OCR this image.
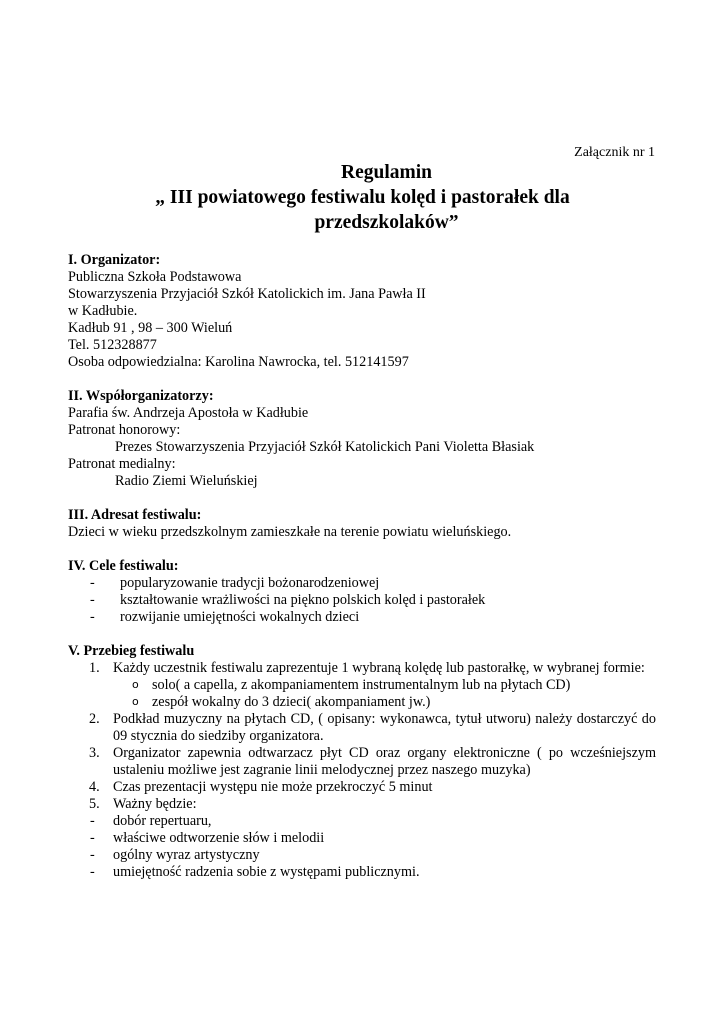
Załącznik nr 1
Regulamin
„ III powiatowego festiwalu kolęd i pastorałek dla
przedszkolaków”
I. Organizator:
Publiczna Szkoła Podstawowa
Stowarzyszenia Przyjaciół Szkół Katolickich im. Jana Pawła II
w Kadłubie.
Kadłub 91 , 98 – 300 Wieluń
Tel. 512328877
Osoba odpowiedzialna: Karolina Nawrocka, tel. 512141597
II. Współorganizatorzy:
Parafia św. Andrzeja Apostoła w Kadłubie
Patronat honorowy:
Prezes Stowarzyszenia Przyjaciół Szkół Katolickich Pani Violetta Błasiak
Patronat medialny:
Radio Ziemi Wieluńskiej
III. Adresat festiwalu:
Dzieci w wieku przedszkolnym zamieszkałe na terenie powiatu wieluńskiego.
IV. Cele festiwalu:
- popularyzowanie tradycji bożonarodzeniowej
- kształtowanie wrażliwości na piękno polskich kolęd i pastorałek
- rozwijanie umiejętności wokalnych dzieci
V. Przebieg festiwalu
1. Każdy uczestnik festiwalu zaprezentuje 1 wybraną kolędę lub pastorałkę, w wybranej formie:
o solo( a capella, z akompaniamentem instrumentalnym lub na płytach CD)
o zespół wokalny do 3 dzieci( akompaniament jw.)
2. Podkład muzyczny na płytach CD, ( opisany: wykonawca, tytuł utworu) należy dostarczyć do 09 stycznia do siedziby organizatora.
3. Organizator zapewnia odtwarzacz płyt CD oraz organy elektroniczne ( po wcześniejszym ustaleniu możliwe jest zagranie linii melodycznej przez naszego muzyka)
4. Czas prezentacji występu nie może przekroczyć 5 minut
5. Ważny będzie:
- dobór repertuaru,
- właściwe odtworzenie słów i melodii
- ogólny wyraz artystyczny
- umiejętność radzenia sobie z występami publicznymi.
